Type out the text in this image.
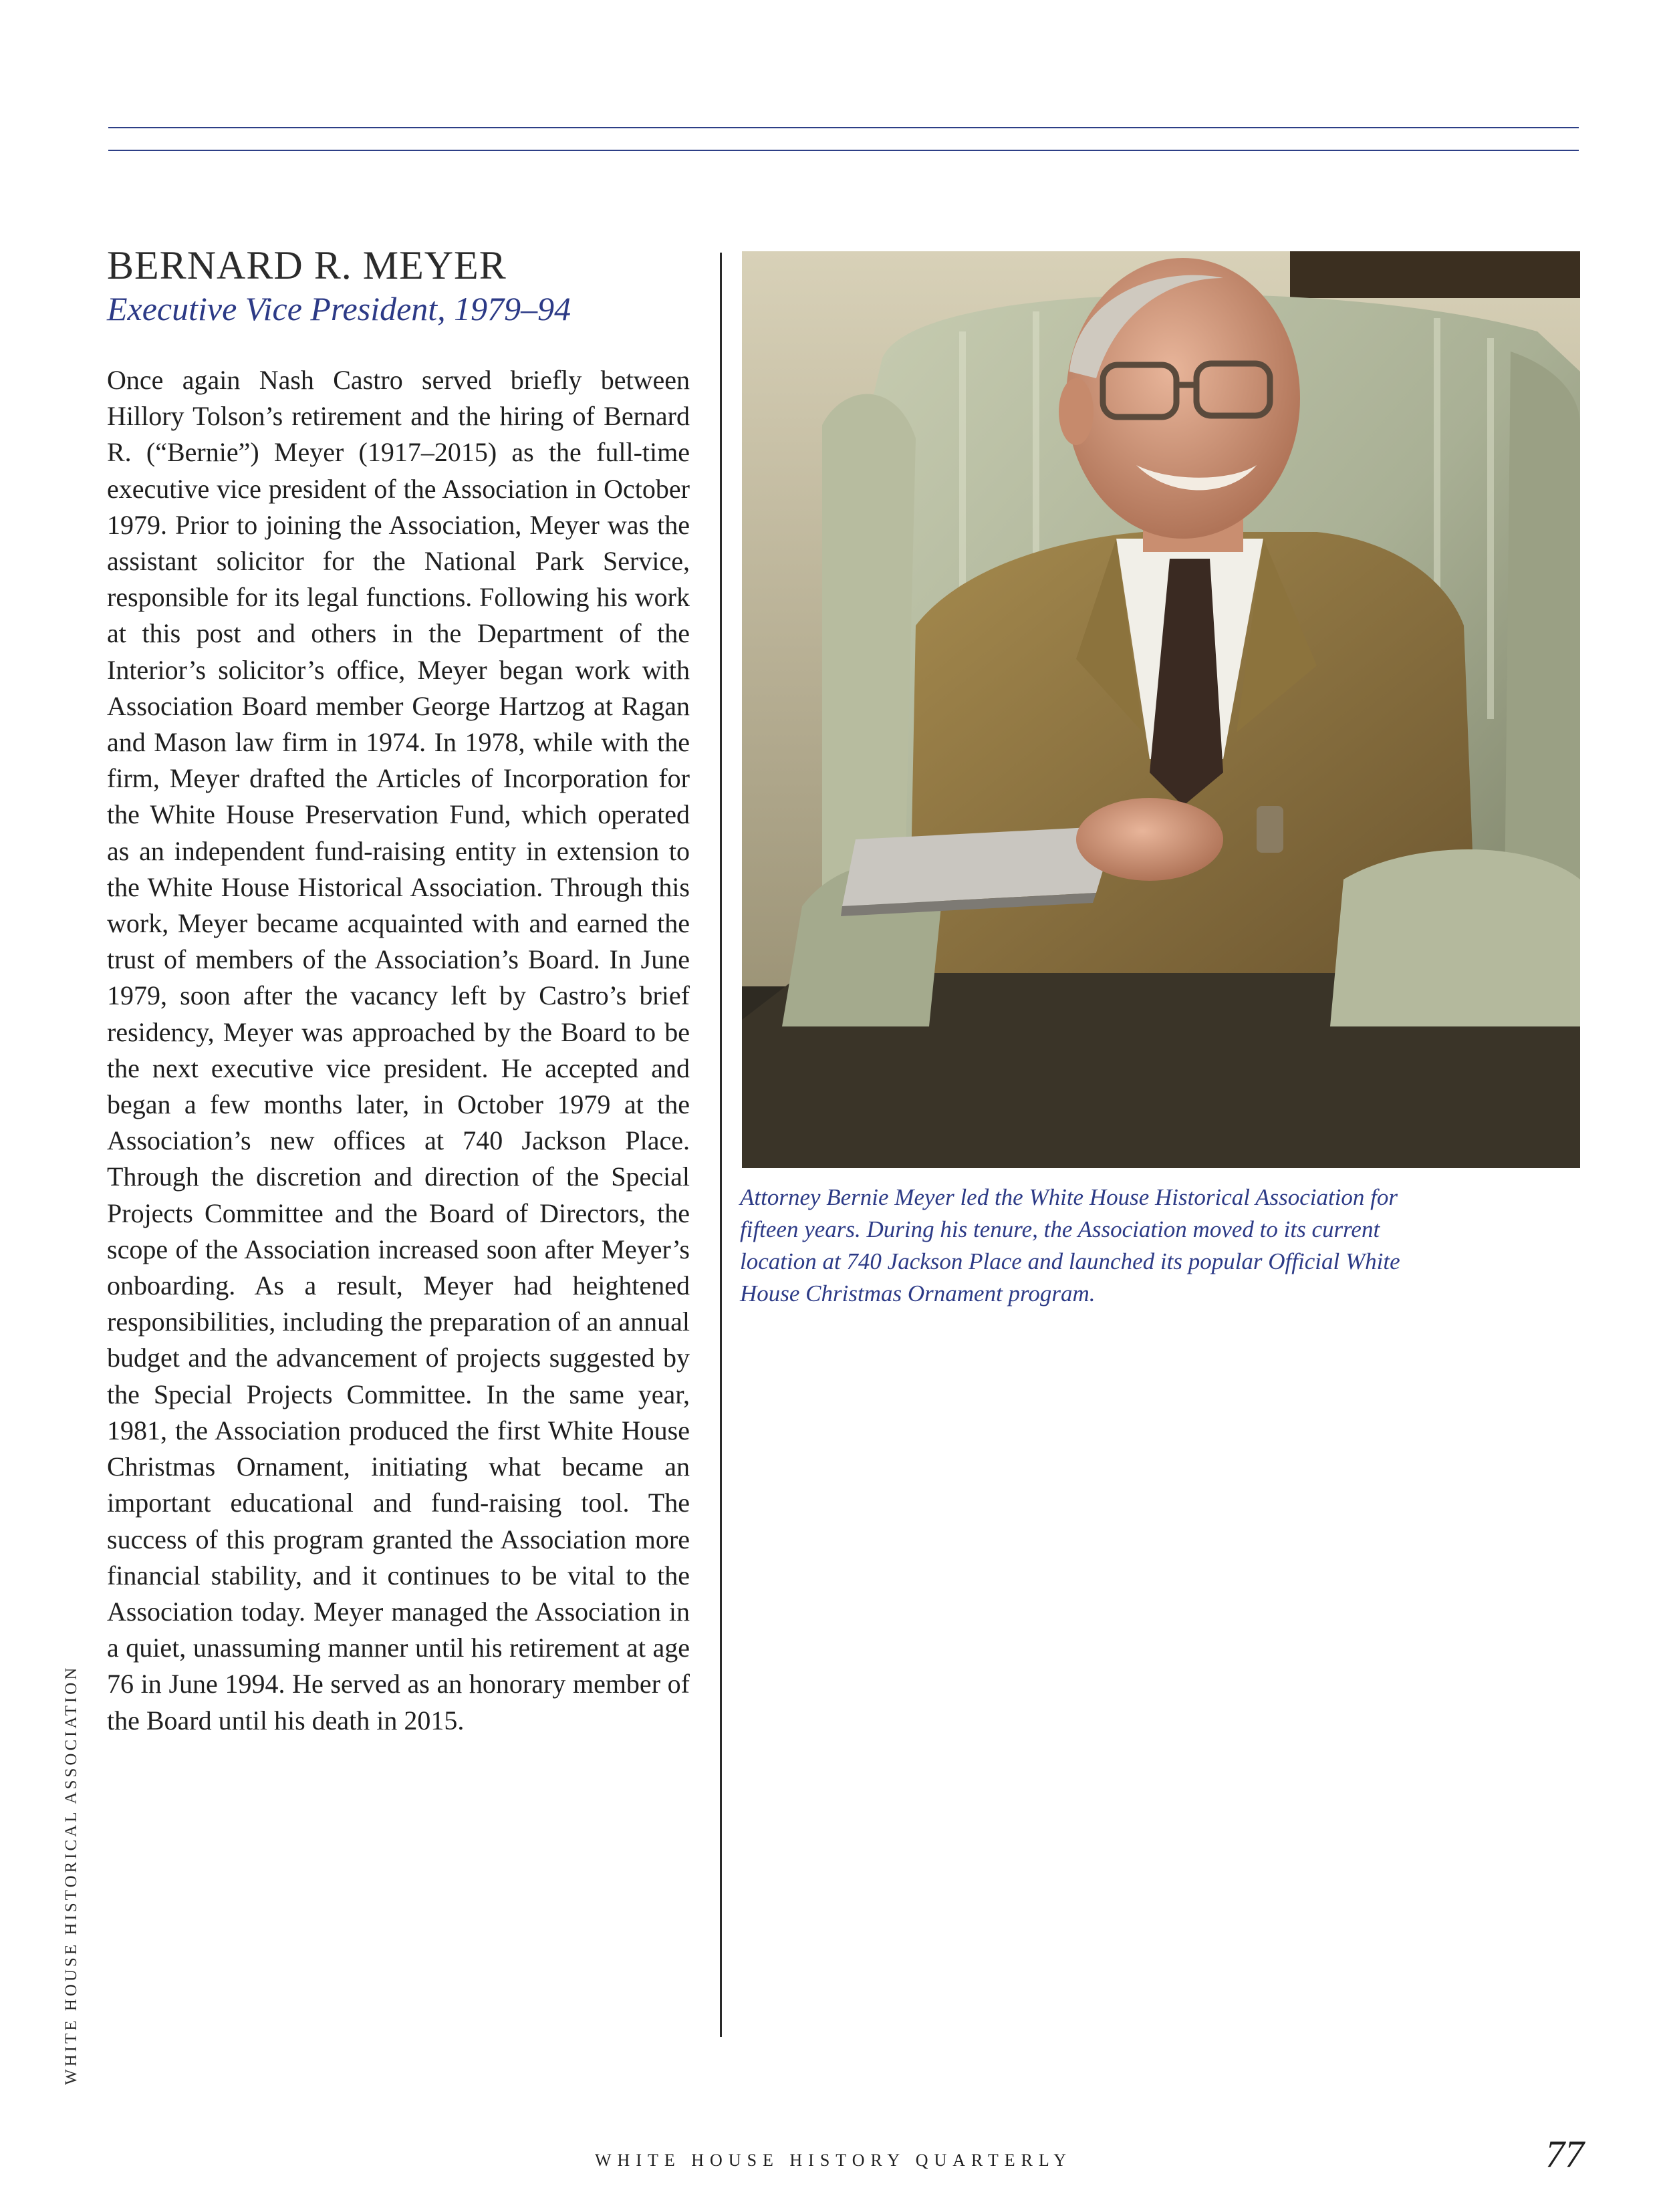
BERNARD R. MEYER
Executive Vice President, 1979–94

Once again Nash Castro served briefly between Hillory Tolson’s retirement and the hiring of Bernard R. (“Bernie”) Meyer (1917–2015) as the full-time executive vice president of the Association in October 1979. Prior to joining the Association, Meyer was the assistant solicitor for the National Park Service, responsible for its legal functions. Following his work at this post and others in the Department of the Interior’s solicitor’s office, Meyer began work with Association Board member George Hartzog at Ragan and Mason law firm in 1974. In 1978, while with the firm, Meyer drafted the Articles of Incorporation for the White House Preservation Fund, which operated as an independent fund-raising entity in extension to the White House Historical Association. Through this work, Meyer became acquainted with and earned the trust of members of the Association’s Board. In June 1979, soon after the vacancy left by Castro’s brief residency, Meyer was approached by the Board to be the next executive vice president. He accepted and began a few months later, in October 1979 at the Association’s new offices at 740 Jackson Place. Through the discretion and direction of the Special Projects Committee and the Board of Directors, the scope of the Association increased soon after Meyer’s onboarding. As a result, Meyer had heightened responsibilities, including the preparation of an annual budget and the advancement of projects suggested by the Special Projects Committee. In the same year, 1981, the Association produced the first White House Christmas Ornament, initiating what became an important educational and fund-raising tool. The success of this program granted the Association more financial stability, and it continues to be vital to the Association today. Meyer managed the Association in a quiet, unassuming manner until his retirement at age 76 in June 1994. He served as an honorary member of the Board until his death in 2015.

Attorney Bernie Meyer led the White House Historical Association for fifteen years. During his tenure, the Association moved to its current location at 740 Jackson Place and launched its popular Official White House Christmas Ornament program.

WHITE HOUSE HISTORICAL ASSOCIATION
WHITE HOUSE HISTORY QUARTERLY	77
